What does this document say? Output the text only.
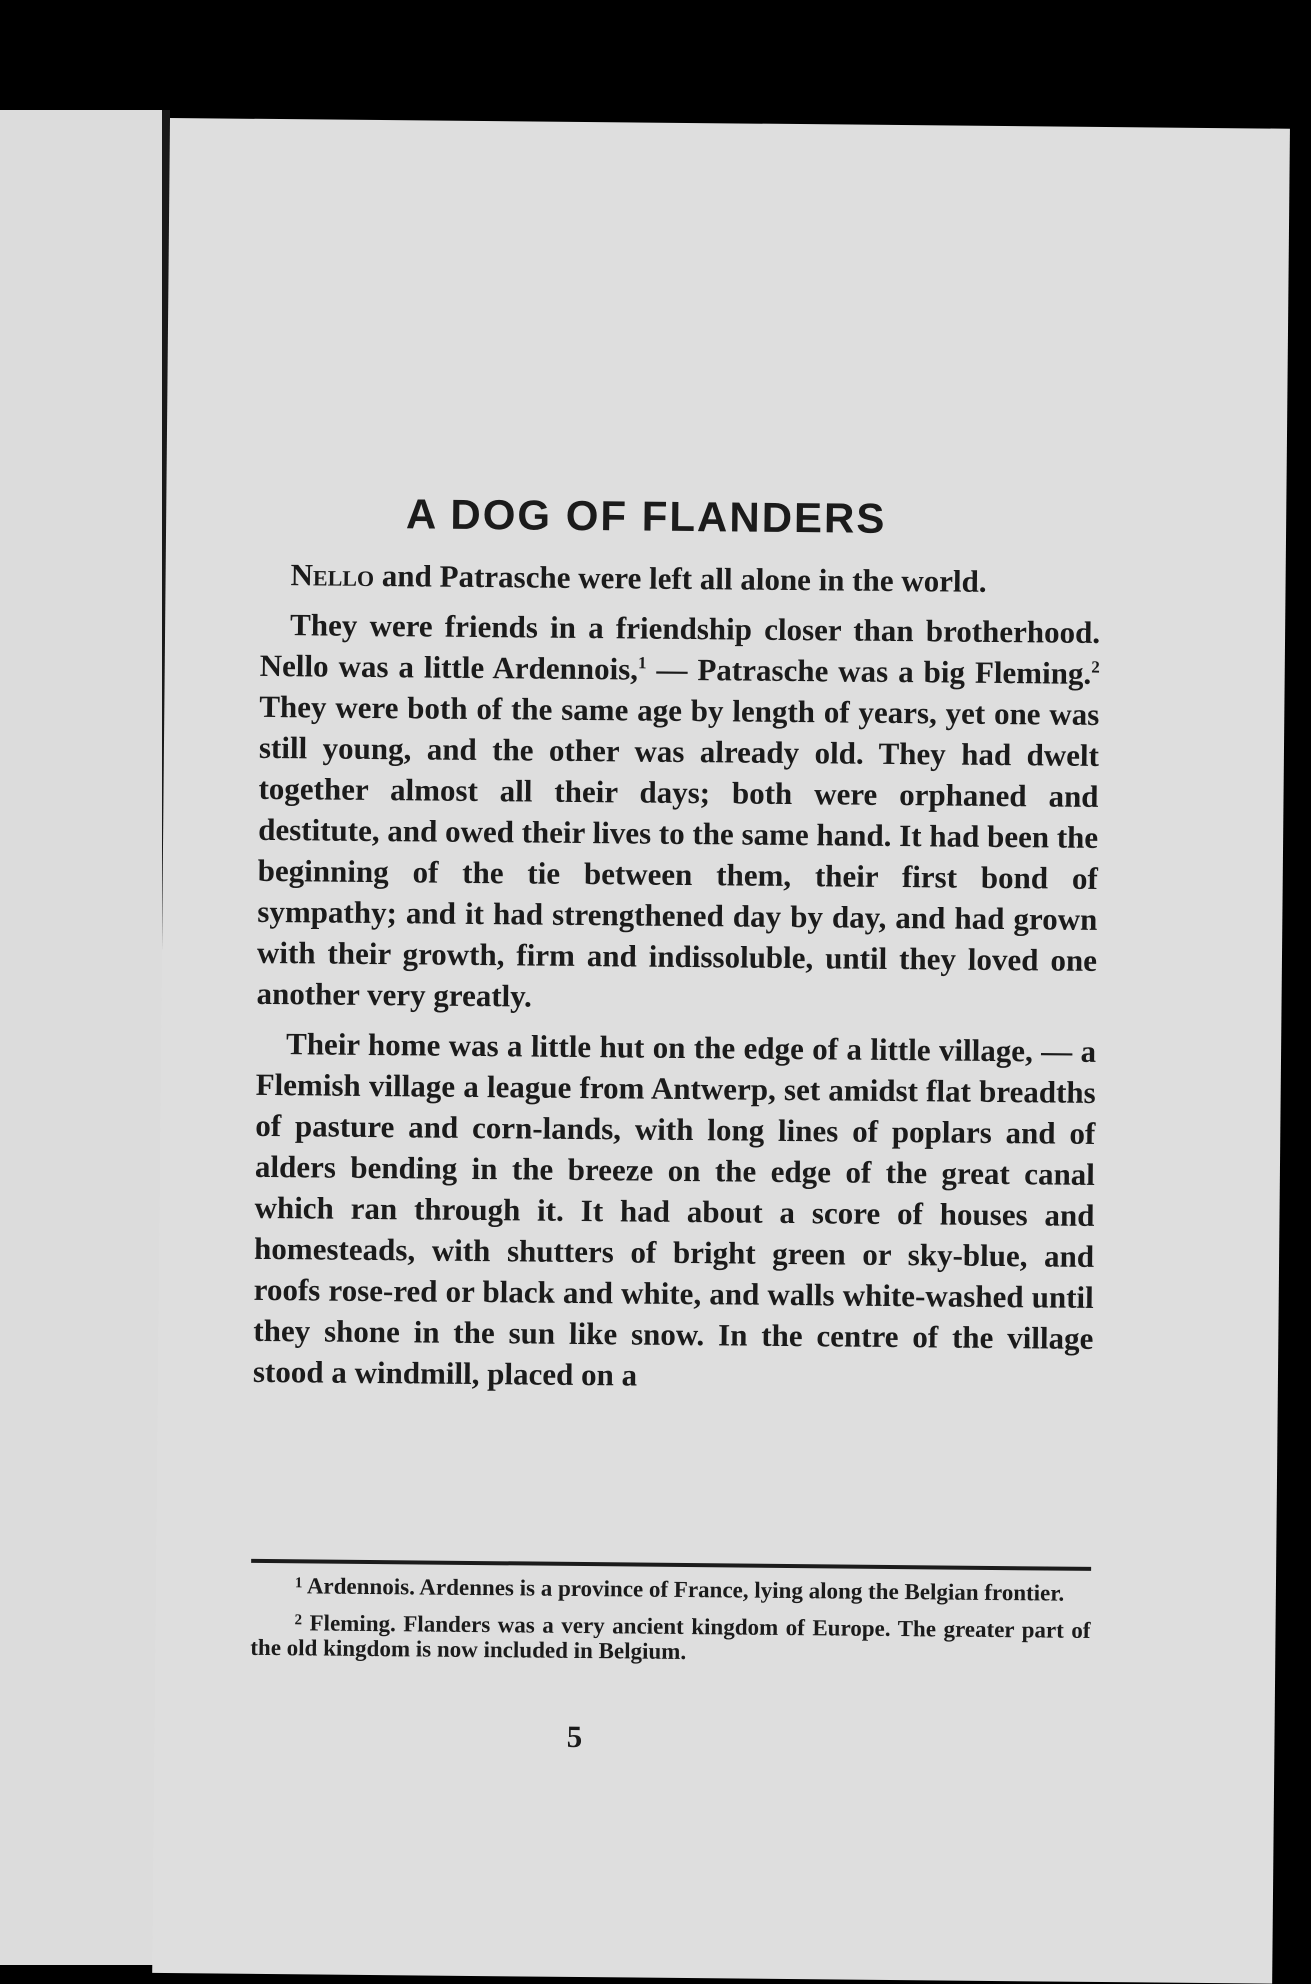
A DOG OF FLANDERS

Nello and Patrasche were left all alone in the world.

They were friends in a friendship closer than brotherhood. Nello was a little Ardennois,$^1$ — Patrasche was a big Fleming.$^2$ They were both of the same age by length of years, yet one was still young, and the other was already old. They had dwelt together almost all their days; both were orphaned and destitute, and owed their lives to the same hand. It had been the beginning of the tie between them, their first bond of sympathy; and it had strengthened day by day, and had grown with their growth, firm and indissoluble, until they loved one another very greatly.

Their home was a little hut on the edge of a little village, — a Flemish village a league from Antwerp, set amidst flat breadths of pasture and corn-lands, with long lines of poplars and of alders bending in the breeze on the edge of the great canal which ran through it. It had about a score of houses and homesteads, with shutters of bright green or sky-blue, and roofs rose-red or black and white, and walls white-washed until they shone in the sun like snow. In the centre of the village stood a windmill, placed on a

$^1$ Ardennois. Ardennes is a province of France, lying along the Belgian frontier.

$^2$ Fleming. Flanders was a very ancient kingdom of Europe. The greater part of the old kingdom is now included in Belgium.

5
